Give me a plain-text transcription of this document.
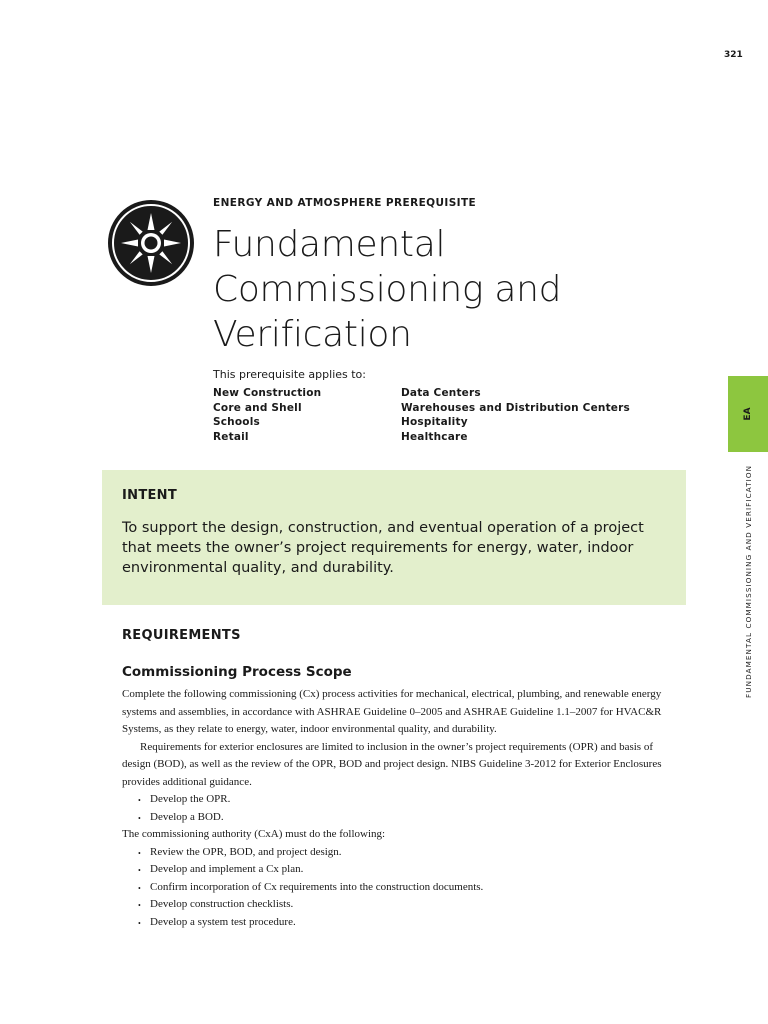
321
ENERGY AND ATMOSPHERE PREREQUISITE
Fundamental
Commissioning and
Verification
This prerequisite applies to:
New Construction
Core and Shell
Schools
Retail
Data Centers
Warehouses and Distribution Centers
Hospitality
Healthcare
INTENT
To support the design, construction, and eventual operation of a project that meets the owner’s project requirements for energy, water, indoor environmental quality, and durability.
REQUIREMENTS
Commissioning Process Scope

Complete the following commissioning (Cx) process activities for mechanical, electrical, plumbing, and renewable energy systems and assemblies, in accordance with ASHRAE Guideline 0–2005 and ASHRAE Guideline 1.1–2007 for HVAC&R Systems, as they relate to energy, water, indoor environmental quality, and durability.

Requirements for exterior enclosures are limited to inclusion in the owner’s project requirements (OPR) and basis of design (BOD), as well as the review of the OPR, BOD and project design. NIBS Guideline 3-2012 for Exterior Enclosures provides additional guidance.

• Develop the OPR.
• Develop a BOD.

The commissioning authority (CxA) must do the following:

• Review the OPR, BOD, and project design.
• Develop and implement a Cx plan.
• Confirm incorporation of Cx requirements into the construction documents.
• Develop construction checklists.
• Develop a system test procedure.
EA
FUNDAMENTAL COMMISSIONING AND VERIFICATION
